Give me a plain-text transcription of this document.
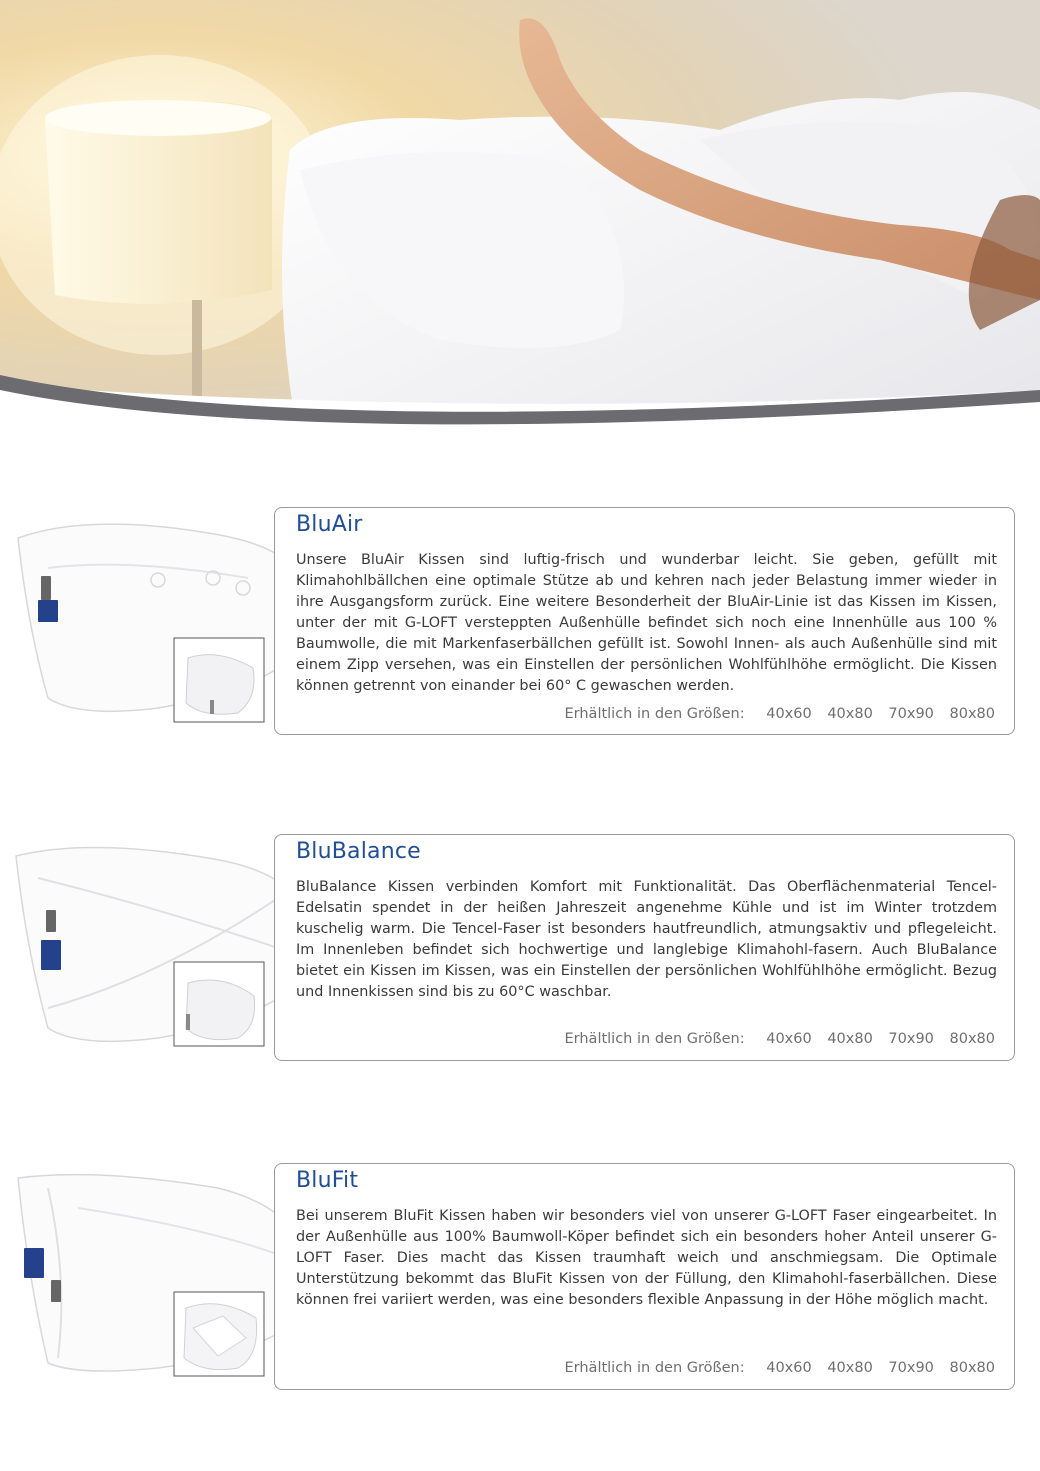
BluAir

Unsere BluAir Kissen sind luftig-frisch und wunderbar leicht. Sie geben, gefüllt mit Klimahohlbällchen eine optimale Stütze ab und kehren nach jeder Belastung immer wieder in ihre Ausgangsform zurück. Eine weitere Besonderheit der BluAir-Linie ist das Kissen im Kissen, unter der mit G-LOFT versteppten Außenhülle befindet sich noch eine Innenhülle aus 100 % Baumwolle, die mit Markenfaserbällchen gefüllt ist. Sowohl Innen- als auch Außenhülle sind mit einem Zipp versehen, was ein Einstellen der persönlichen Wohlfühlhöhe ermöglicht. Die Kissen können getrennt von einander bei 60° C gewaschen werden.

Erhältlich in den Größen: 40x60 40x80 70x90 80x80
BluBalance

BluBalance Kissen verbinden Komfort mit Funktionalität. Das Oberflächenmaterial Tencel-Edelsatin spendet in der heißen Jahreszeit angenehme Kühle und ist im Winter trotzdem kuschelig warm. Die Tencel-Faser ist besonders hautfreundlich, atmungsaktiv und pflegeleicht. Im Innenleben befindet sich hochwertige und langlebige Klimahohl-fasern. Auch BluBalance bietet ein Kissen im Kissen, was ein Einstellen der persönlichen Wohlfühlhöhe ermöglicht. Bezug und Innenkissen sind bis zu 60°C waschbar.

Erhältlich in den Größen: 40x60 40x80 70x90 80x80
BluFit

Bei unserem BluFit Kissen haben wir besonders viel von unserer G-LOFT Faser eingearbeitet. In der Außenhülle aus 100% Baumwoll-Köper befindet sich ein besonders hoher Anteil unserer G-LOFT Faser. Dies macht das Kissen traumhaft weich und anschmiegsam. Die Optimale Unterstützung bekommt das BluFit Kissen von der Füllung, den Klimahohl-faserbällchen. Diese können frei variiert werden, was eine besonders flexible Anpassung in der Höhe möglich macht.

Erhältlich in den Größen: 40x60 40x80 70x90 80x80
